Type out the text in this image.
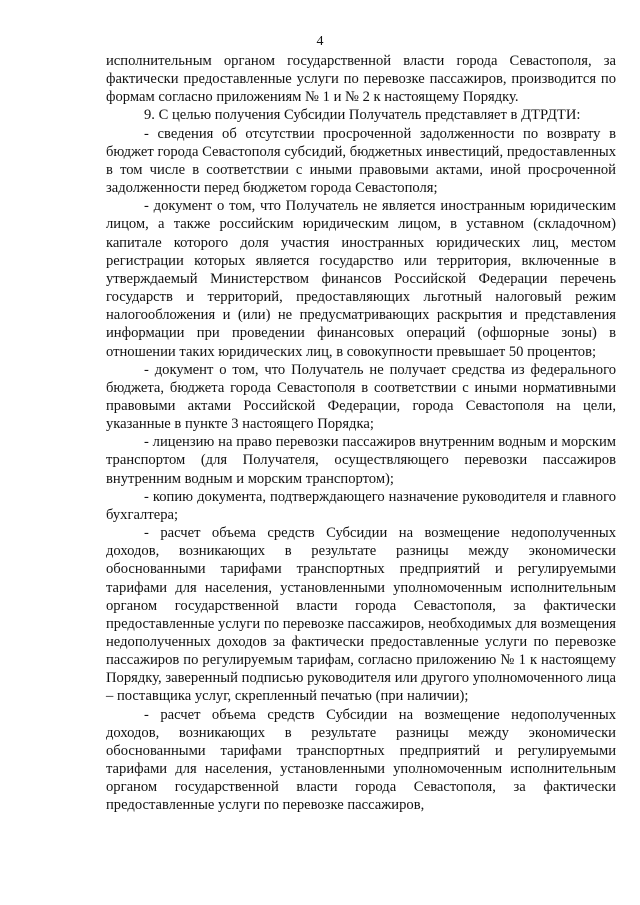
4

исполнительным органом государственной власти города Севастополя, за фактически предоставленные услуги по перевозке пассажиров, производится по формам согласно приложениям № 1 и № 2 к настоящему Порядку.

9. С целью получения Субсидии Получатель представляет в ДТРДТИ:

- сведения об отсутствии просроченной задолженности по возврату в бюджет города Севастополя субсидий, бюджетных инвестиций, предоставленных в том числе в соответствии с иными правовыми актами, иной просроченной задолженности перед бюджетом города Севастополя;

- документ о том, что Получатель не является иностранным юридическим лицом, а также российским юридическим лицом, в уставном (складочном) капитале которого доля участия иностранных юридических лиц, местом регистрации которых является государство или территория, включенные в утверждаемый Министерством финансов Российской Федерации перечень государств и территорий, предоставляющих льготный налоговый режим налогообложения и (или) не предусматривающих раскрытия и представления информации при проведении финансовых операций (офшорные зоны) в отношении таких юридических лиц, в совокупности превышает 50 процентов;

- документ о том, что Получатель не получает средства из федерального бюджета, бюджета города Севастополя в соответствии с иными нормативными правовыми актами Российской Федерации, города Севастополя на цели, указанные в пункте 3 настоящего Порядка;

- лицензию на право перевозки пассажиров внутренним водным и морским транспортом (для Получателя, осуществляющего перевозки пассажиров внутренним водным и морским транспортом);

- копию документа, подтверждающего назначение руководителя и главного бухгалтера;

- расчет объема средств Субсидии на возмещение недополученных доходов, возникающих в результате разницы между экономически обоснованными тарифами транспортных предприятий и регулируемыми тарифами для населения, установленными уполномоченным исполнительным органом государственной власти города Севастополя, за фактически предоставленные услуги по перевозке пассажиров, необходимых для возмещения недополученных доходов за фактически предоставленные услуги по перевозке пассажиров по регулируемым тарифам, согласно приложению № 1 к настоящему Порядку, заверенный подписью руководителя или другого уполномоченного лица – поставщика услуг, скрепленный печатью (при наличии);

- расчет объема средств Субсидии на возмещение недополученных доходов, возникающих в результате разницы между экономически обоснованными тарифами транспортных предприятий и регулируемыми тарифами для населения, установленными уполномоченным исполнительным органом государственной власти города Севастополя, за фактически предоставленные услуги по перевозке пассажиров,
